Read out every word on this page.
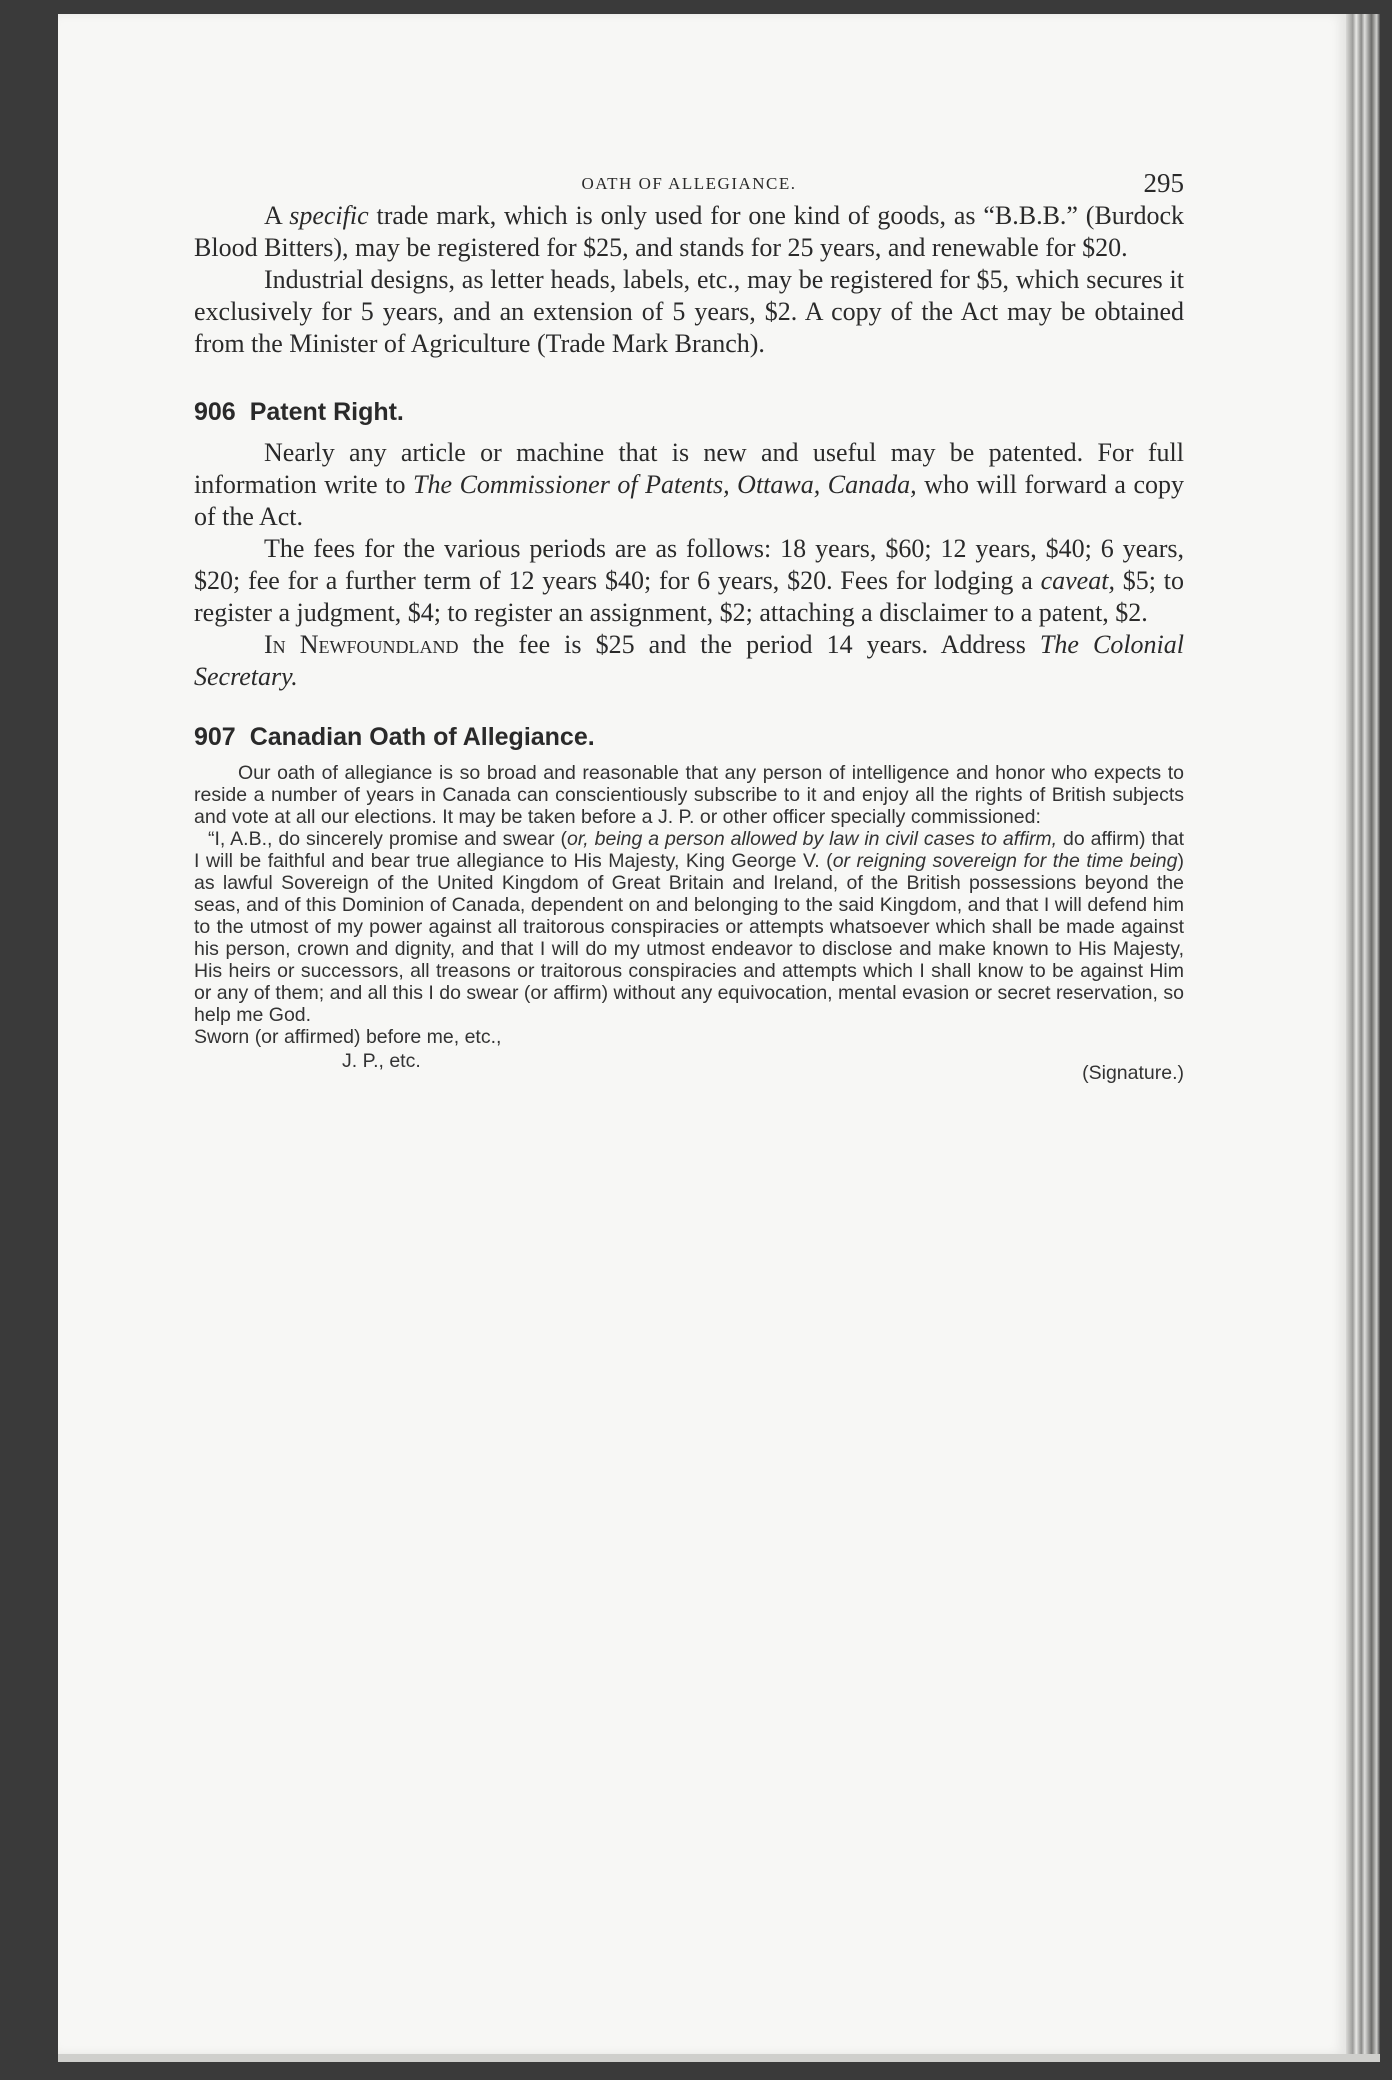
OATH OF ALLEGIANCE.	295

A specific trade mark, which is only used for one kind of goods, as “B.B.B.” (Burdock Blood Bitters), may be registered for $25, and stands for 25 years, and renewable for $20.

Industrial designs, as letter heads, labels, etc., may be registered for $5, which secures it exclusively for 5 years, and an extension of 5 years, $2. A copy of the Act may be obtained from the Minister of Agriculture (Trade Mark Branch).

906 Patent Right.

Nearly any article or machine that is new and useful may be patented. For full information write to The Commissioner of Patents, Ottawa, Canada, who will forward a copy of the Act.

The fees for the various periods are as follows: 18 years, $60; 12 years, $40; 6 years, $20; fee for a further term of 12 years $40; for 6 years, $20. Fees for lodging a caveat, $5; to register a judgment, $4; to register an assignment, $2; attaching a disclaimer to a patent, $2.

In Newfoundland the fee is $25 and the period 14 years. Address The Colonial Secretary.

907 Canadian Oath of Allegiance.

Our oath of allegiance is so broad and reasonable that any person of intelligence and honor who expects to reside a number of years in Canada can conscientiously subscribe to it and enjoy all the rights of British subjects and vote at all our elections. It may be taken before a J. P. or other officer specially commissioned:

“I, A.B., do sincerely promise and swear (or, being a person allowed by law in civil cases to affirm, do affirm) that I will be faithful and bear true allegiance to His Majesty, King George V. (or reigning sovereign for the time being) as lawful Sovereign of the United Kingdom of Great Britain and Ireland, of the British possessions beyond the seas, and of this Dominion of Canada, dependent on and belonging to the said Kingdom, and that I will defend him to the utmost of my power against all traitorous conspiracies or attempts whatsoever which shall be made against his person, crown and dignity, and that I will do my utmost endeavor to disclose and make known to His Majesty, His heirs or successors, all treasons or traitorous conspiracies and attempts which I shall know to be against Him or any of them; and all this I do swear (or affirm) without any equivocation, mental evasion or secret reservation, so help me God.

Sworn (or affirmed) before me, etc.,

J. P., etc.
(Signature.)
